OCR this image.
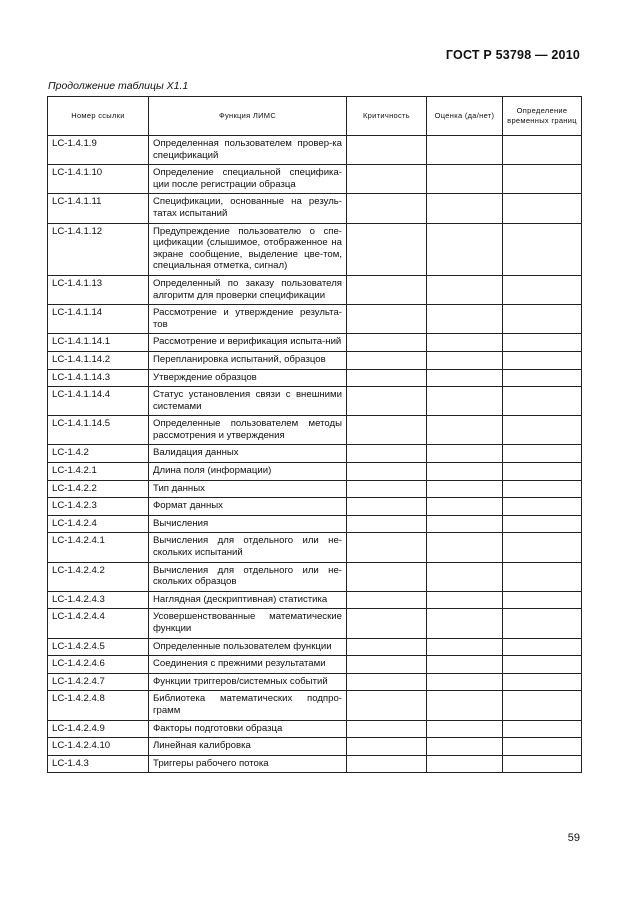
ГОСТ Р 53798 — 2010
Продолжение таблицы Х1.1
Номер ссылки	Функция ЛИМС	Критичность	Оценка (да/нет)	Определение временных границ
LC-1.4.1.9	Определенная пользователем провер-ка спецификаций			
LC-1.4.1.10	Определение специальной специфика-ции после регистрации образца			
LC-1.4.1.11	Спецификации, основанные на резуль-татах испытаний			
LC-1.4.1.12	Предупреждение пользователю о спе-цификации (слышимое, отображенное на экране сообщение, выделение цве-том, специальная отметка, сигнал)			
LC-1.4.1.13	Определенный по заказу пользователя алгоритм для проверки спецификации			
LC-1.4.1.14	Рассмотрение и утверждение результа-тов			
LC-1.4.1.14.1	Рассмотрение и верификация испыта-ний			
LC-1.4.1.14.2	Перепланировка испытаний, образцов			
LC-1.4.1.14.3	Утверждение образцов			
LC-1.4.1.14.4	Статус установления связи с внешними системами			
LC-1.4.1.14.5	Определенные пользователем методы рассмотрения и утверждения			
LC-1.4.2	Валидация данных			
LC-1.4.2.1	Длина поля (информации)			
LC-1.4.2.2	Тип данных			
LC-1.4.2.3	Формат данных			
LC-1.4.2.4	Вычисления			
LC-1.4.2.4.1	Вычисления для отдельного или не-скольких испытаний			
LC-1.4.2.4.2	Вычисления для отдельного или не-скольких образцов			
LC-1.4.2.4.3	Наглядная (дескриптивная) статистика			
LC-1.4.2.4.4	Усовершенствованные математические функции			
LC-1.4.2.4.5	Определенные пользователем функции			
LC-1.4.2.4.6	Соединения с прежними результатами			
LC-1.4.2.4.7	Функции триггеров/системных событий			
LC-1.4.2.4.8	Библиотека математических подпро-грамм			
LC-1.4.2.4.9	Факторы подготовки образца			
LC-1.4.2.4.10	Линейная калибровка			
LC-1.4.3	Триггеры рабочего потока			
59
